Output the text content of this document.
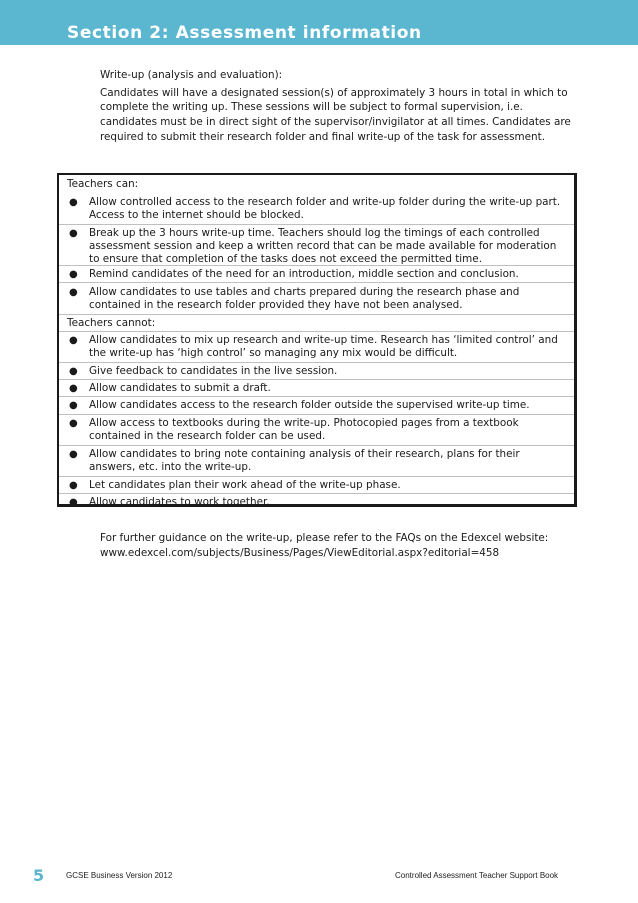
Section 2: Assessment information

Write-up (analysis and evaluation):

Candidates will have a designated session(s) of approximately 3 hours in total in which to complete the writing up. These sessions will be subject to formal supervision, i.e. candidates must be in direct sight of the supervisor/invigilator at all times. Candidates are required to submit their research folder and final write-up of the task for assessment.

Teachers can:
● Allow controlled access to the research folder and write-up folder during the write-up part. Access to the internet should be blocked.
● Break up the 3 hours write-up time. Teachers should log the timings of each controlled assessment session and keep a written record that can be made available for moderation to ensure that completion of the tasks does not exceed the permitted time.
● Remind candidates of the need for an introduction, middle section and conclusion.
● Allow candidates to use tables and charts prepared during the research phase and contained in the research folder provided they have not been analysed.
Teachers cannot:
● Allow candidates to mix up research and write-up time. Research has ‘limited control’ and the write-up has ‘high control’ so managing any mix would be difficult.
● Give feedback to candidates in the live session.
● Allow candidates to submit a draft.
● Allow candidates access to the research folder outside the supervised write-up time.
● Allow access to textbooks during the write-up. Photocopied pages from a textbook contained in the research folder can be used.
● Allow candidates to bring note containing analysis of their research, plans for their answers, etc. into the write-up.
● Let candidates plan their work ahead of the write-up phase.
● Allow candidates to work together.

For further guidance on the write-up, please refer to the FAQs on the Edexcel website:

www.edexcel.com/subjects/Business/Pages/ViewEditorial.aspx?editorial=458

5	GCSE Business Version 2012	Controlled Assessment Teacher Support Book
